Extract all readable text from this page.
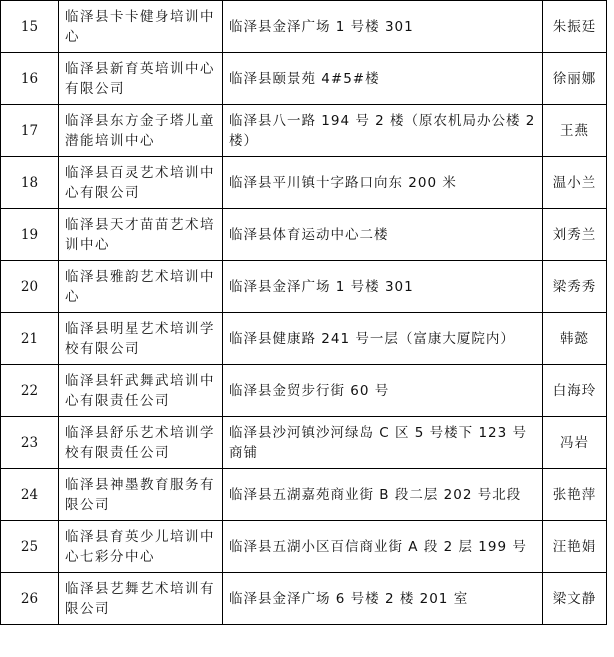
15	临泽县卡卡健身培训中心	临泽县金泽广场 1 号楼 301	朱振廷
16	临泽县新育英培训中心有限公司	临泽县颐景苑 4#5#楼	徐丽娜
17	临泽县东方金子塔儿童潜能培训中心	临泽县八一路 194 号 2 楼（原农机局办公楼 2 楼）	王燕
18	临泽县百灵艺术培训中心有限公司	临泽县平川镇十字路口向东 200 米	温小兰
19	临泽县天才苗苗艺术培训中心	临泽县体育运动中心二楼	刘秀兰
20	临泽县雅韵艺术培训中心	临泽县金泽广场 1 号楼 301	梁秀秀
21	临泽县明星艺术培训学校有限公司	临泽县健康路 241 号一层（富康大厦院内）	韩懿
22	临泽县轩武舞武培训中心有限责任公司	临泽县金贸步行街 60 号	白海玲
23	临泽县舒乐艺术培训学校有限责任公司	临泽县沙河镇沙河绿岛 C 区 5 号楼下 123 号商铺	冯岩
24	临泽县神墨教育服务有限公司	临泽县五湖嘉苑商业街 B 段二层 202 号北段	张艳萍
25	临泽县育英少儿培训中心七彩分中心	临泽县五湖小区百信商业街 A 段 2 层 199 号	汪艳娟
26	临泽县艺舞艺术培训有限公司	临泽县金泽广场 6 号楼 2 楼 201 室	梁文静
